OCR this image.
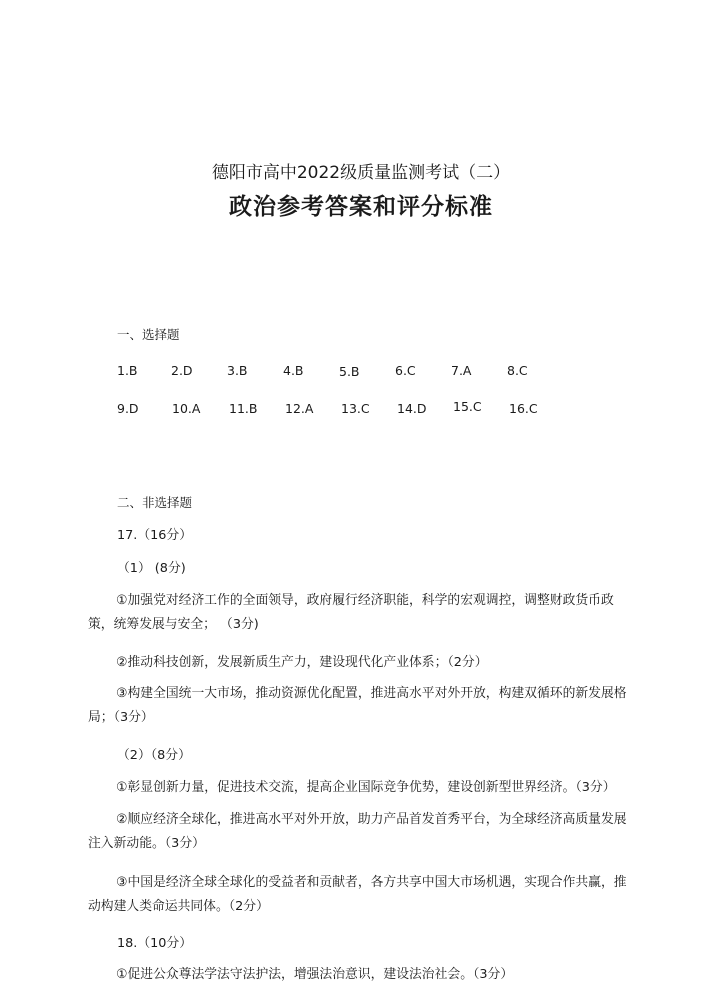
德阳市高中2022级质量监测考试（二）
政治参考答案和评分标准
一、选择题
1.B	2.D	3.B	4.B	5.B	6.C	7.A	8.C
9.D	10.A 11.B 12.A 13.C 14.D 15.C 16.C
二、非选择题
17.（16分）
（1） (8分)
①加强党对经济工作的全面领导，政府履行经济职能，科学的宏观调控，调整财政货币政策，统筹发展与安全； （3分)
②推动科技创新，发展新质生产力，建设现代化产业体系；（2分）
③构建全国统一大市场，推动资源优化配置，推进高水平对外开放，构建双循环的新发展格局；（3分）
（2）（8分）
①彰显创新力量，促进技术交流，提高企业国际竞争优势，建设创新型世界经济。（3分）
②顺应经济全球化，推进高水平对外开放，助力产品首发首秀平台，为全球经济高质量发展注入新动能。（3分）
③中国是经济全球全球化的受益者和贡献者，各方共享中国大市场机遇，实现合作共赢，推动构建人类命运共同体。（2分）
18.（10分）
①促进公众尊法学法守法护法，增强法治意识，建设法治社会。（3分）
